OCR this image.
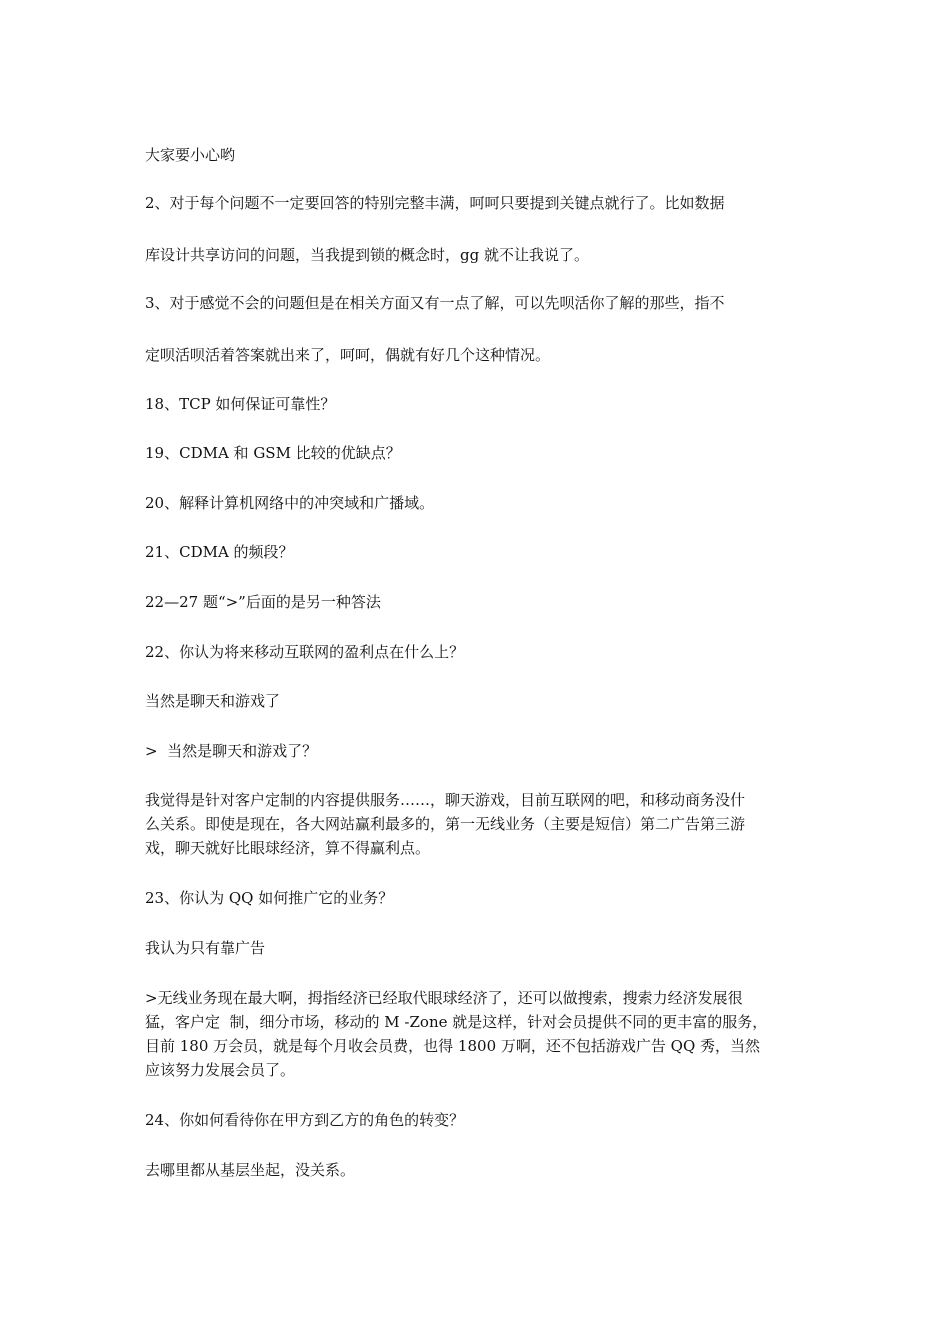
大家要小心哟

2、对于每个问题不一定要回答的特别完整丰满，呵呵只要提到关键点就行了。比如数据

库设计共享访问的问题，当我提到锁的概念时，gg 就不让我说了。

3、对于感觉不会的问题但是在相关方面又有一点了解，可以先呗活你了解的那些，指不

定呗活呗活着答案就出来了，呵呵，偶就有好几个这种情况。

18、TCP 如何保证可靠性？

19、CDMA 和 GSM 比较的优缺点？

20、解释计算机网络中的冲突域和广播域。

21、CDMA 的频段？

22—27 题“>”后面的是另一种答法

22、你认为将来移动互联网的盈利点在什么上？

当然是聊天和游戏了

>  当然是聊天和游戏了？

我觉得是针对客户定制的内容提供服务……，聊天游戏，目前互联网的吧，和移动商务没什

么关系。即使是现在，各大网站赢利最多的，第一无线业务（主要是短信）第二广告第三游

戏，聊天就好比眼球经济，算不得赢利点。

23、你认为 QQ 如何推广它的业务？

我认为只有靠广告

>无线业务现在最大啊，拇指经济已经取代眼球经济了，还可以做搜索，搜索力经济发展很

猛，客户定  制，细分市场，移动的 M -Zone 就是这样，针对会员提供不同的更丰富的服务，

目前 180 万会员，就是每个月收会员费，也得 1800 万啊，还不包括游戏广告 QQ 秀，当然

应该努力发展会员了。

24、你如何看待你在甲方到乙方的角色的转变？

去哪里都从基层坐起，没关系。
